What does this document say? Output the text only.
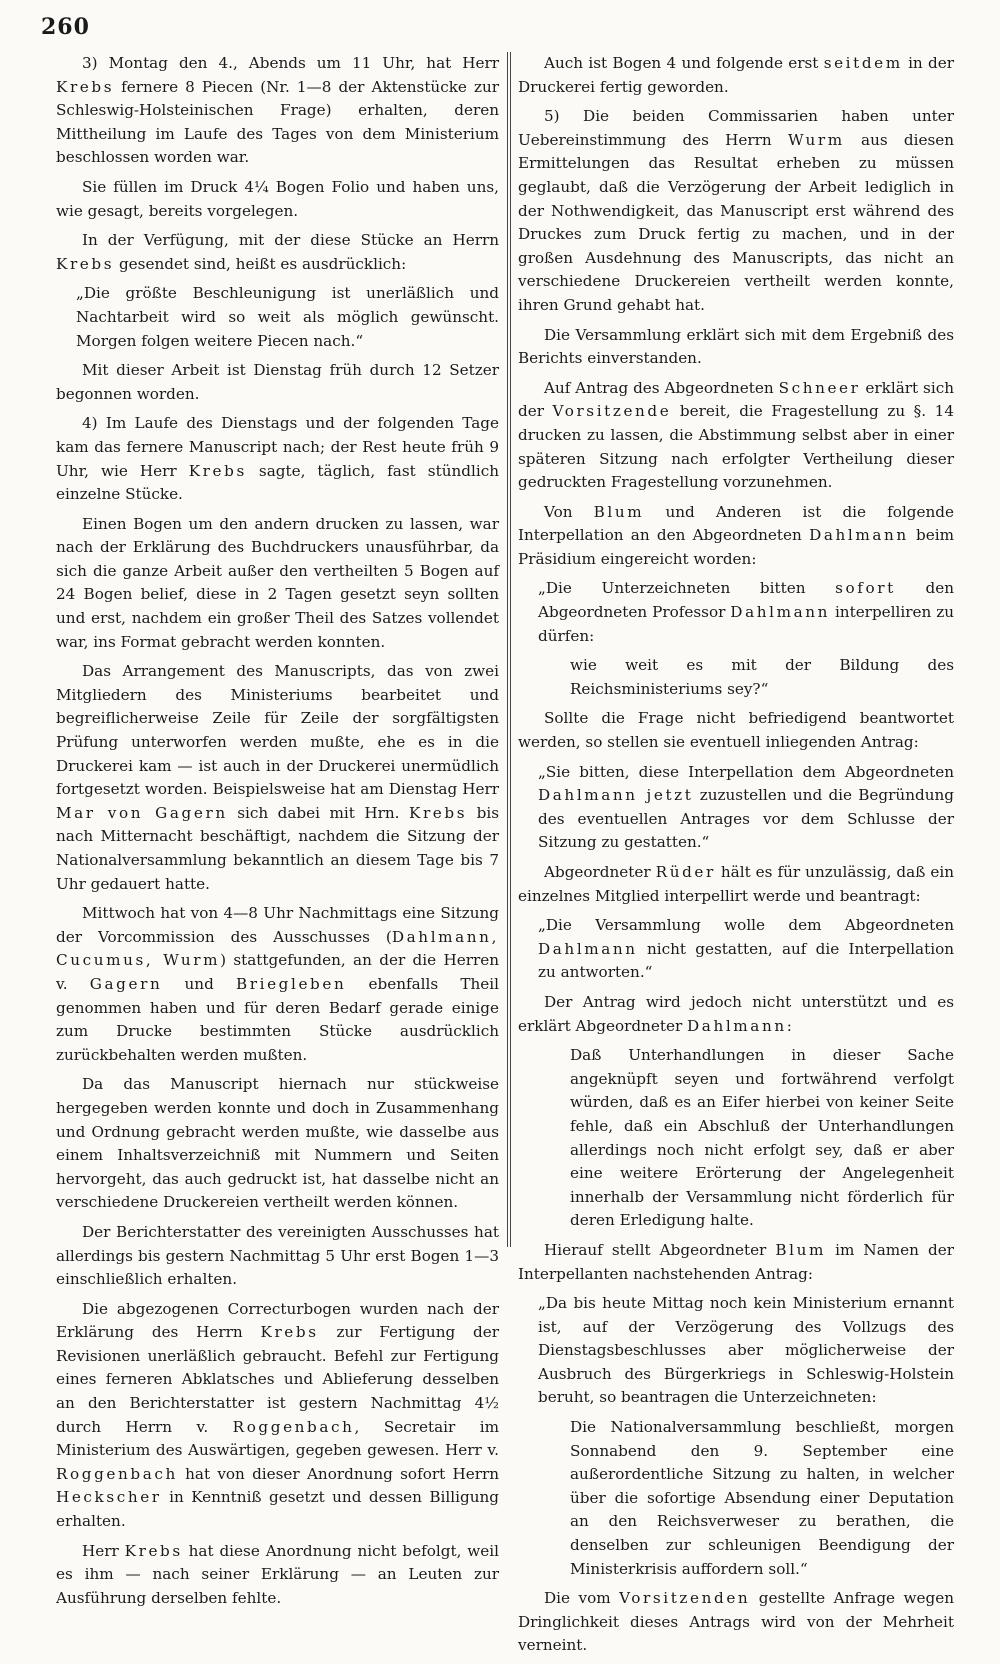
260

3) Montag den 4., Abends um 11 Uhr, hat Herr Krebs fernere 8 Piecen (Nr. 1—8 der Aktenstücke zur Schleswig-Holsteinischen Frage) erhalten, deren Mittheilung im Laufe des Tages von dem Ministerium beschlossen worden war.

Sie füllen im Druck 4¼ Bogen Folio und haben uns, wie gesagt, bereits vorgelegen.

In der Verfügung, mit der diese Stücke an Herrn Krebs gesendet sind, heißt es ausdrücklich:

„Die größte Beschleunigung ist unerläßlich und Nachtarbeit wird so weit als möglich gewünscht. Morgen folgen weitere Piecen nach.“

Mit dieser Arbeit ist Dienstag früh durch 12 Setzer begonnen worden.

4) Im Laufe des Dienstags und der folgenden Tage kam das fernere Manuscript nach; der Rest heute früh 9 Uhr, wie Herr Krebs sagte, täglich, fast stündlich einzelne Stücke.

Einen Bogen um den andern drucken zu lassen, war nach der Erklärung des Buchdruckers unausführbar, da sich die ganze Arbeit außer den vertheilten 5 Bogen auf 24 Bogen belief, diese in 2 Tagen gesetzt seyn sollten und erst, nachdem ein großer Theil des Satzes vollendet war, ins Format gebracht werden konnten.

Das Arrangement des Manuscripts, das von zwei Mitgliedern des Ministeriums bearbeitet und begreiflicherweise Zeile für Zeile der sorgfältigsten Prüfung unterworfen werden mußte, ehe es in die Druckerei kam — ist auch in der Druckerei unermüdlich fortgesetzt worden. Beispielsweise hat am Dienstag Herr Mar von Gagern sich dabei mit Hrn. Krebs bis nach Mitternacht beschäftigt, nachdem die Sitzung der Nationalversammlung bekanntlich an diesem Tage bis 7 Uhr gedauert hatte.

Mittwoch hat von 4—8 Uhr Nachmittags eine Sitzung der Vorcommission des Ausschusses (Dahlmann, Cucumus, Wurm) stattgefunden, an der die Herren v. Gagern und Briegleben ebenfalls Theil genommen haben und für deren Bedarf gerade einige zum Drucke bestimmten Stücke ausdrücklich zurückbehalten werden mußten.

Da das Manuscript hiernach nur stückweise hergegeben werden konnte und doch in Zusammenhang und Ordnung gebracht werden mußte, wie dasselbe aus einem Inhaltsverzeichniß mit Nummern und Seiten hervorgeht, das auch gedruckt ist, hat dasselbe nicht an verschiedene Druckereien vertheilt werden können.

Der Berichterstatter des vereinigten Ausschusses hat allerdings bis gestern Nachmittag 5 Uhr erst Bogen 1—3 einschließlich erhalten.

Die abgezogenen Correcturbogen wurden nach der Erklärung des Herrn Krebs zur Fertigung der Revisionen unerläßlich gebraucht. Befehl zur Fertigung eines ferneren Abklatsches und Ablieferung desselben an den Berichterstatter ist gestern Nachmittag 4½ durch Herrn v. Roggenbach, Secretair im Ministerium des Auswärtigen, gegeben gewesen. Herr v. Roggenbach hat von dieser Anordnung sofort Herrn Heckscher in Kenntniß gesetzt und dessen Billigung erhalten.

Herr Krebs hat diese Anordnung nicht befolgt, weil es ihm — nach seiner Erklärung — an Leuten zur Ausführung derselben fehlte.

Auch ist Bogen 4 und folgende erst seitdem in der Druckerei fertig geworden.

5) Die beiden Commissarien haben unter Uebereinstimmung des Herrn Wurm aus diesen Ermittelungen das Resultat erheben zu müssen geglaubt, daß die Verzögerung der Arbeit lediglich in der Nothwendigkeit, das Manuscript erst während des Druckes zum Druck fertig zu machen, und in der großen Ausdehnung des Manuscripts, das nicht an verschiedene Druckereien vertheilt werden konnte, ihren Grund gehabt hat.

Die Versammlung erklärt sich mit dem Ergebniß des Berichts einverstanden.

Auf Antrag des Abgeordneten Schneer erklärt sich der Vorsitzende bereit, die Fragestellung zu §. 14 drucken zu lassen, die Abstimmung selbst aber in einer späteren Sitzung nach erfolgter Vertheilung dieser gedruckten Fragestellung vorzunehmen.

Von Blum und Anderen ist die folgende Interpellation an den Abgeordneten Dahlmann beim Präsidium eingereicht worden:

„Die Unterzeichneten bitten sofort den Abgeordneten Professor Dahlmann interpelliren zu dürfen:

wie weit es mit der Bildung des Reichsministeriums sey?“

Sollte die Frage nicht befriedigend beantwortet werden, so stellen sie eventuell inliegenden Antrag:

„Sie bitten, diese Interpellation dem Abgeordneten Dahlmann jetzt zuzustellen und die Begründung des eventuellen Antrages vor dem Schlusse der Sitzung zu gestatten.“

Abgeordneter Rüder hält es für unzulässig, daß ein einzelnes Mitglied interpellirt werde und beantragt:

„Die Versammlung wolle dem Abgeordneten Dahlmann nicht gestatten, auf die Interpellation zu antworten.“

Der Antrag wird jedoch nicht unterstützt und es erklärt Abgeordneter Dahlmann:

Daß Unterhandlungen in dieser Sache angeknüpft seyen und fortwährend verfolgt würden, daß es an Eifer hierbei von keiner Seite fehle, daß ein Abschluß der Unterhandlungen allerdings noch nicht erfolgt sey, daß er aber eine weitere Erörterung der Angelegenheit innerhalb der Versammlung nicht förderlich für deren Erledigung halte.

Hierauf stellt Abgeordneter Blum im Namen der Interpellanten nachstehenden Antrag:

„Da bis heute Mittag noch kein Ministerium ernannt ist, auf der Verzögerung des Vollzugs des Dienstagsbeschlusses aber möglicherweise der Ausbruch des Bürgerkriegs in Schleswig-Holstein beruht, so beantragen die Unterzeichneten:

Die Nationalversammlung beschließt, morgen Sonnabend den 9. September eine außerordentliche Sitzung zu halten, in welcher über die sofortige Absendung einer Deputation an den Reichsverweser zu berathen, die denselben zur schleunigen Beendigung der Ministerkrisis auffordern soll.“

Die vom Vorsitzenden gestellte Anfrage wegen Dringlichkeit dieses Antrags wird von der Mehrheit verneint.
